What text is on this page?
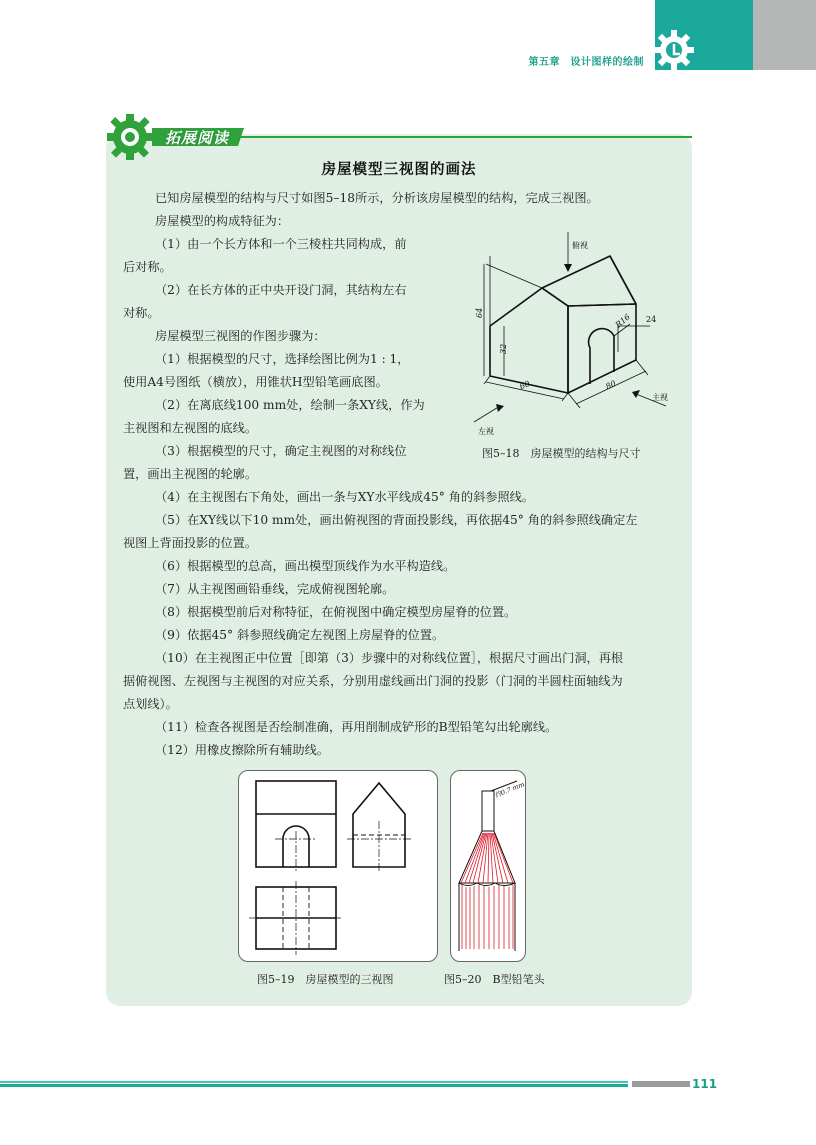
第五章　设计图样的绘制
拓展阅读
房屋模型三视图的画法
已知房屋模型的结构与尺寸如图5–18所示，分析该房屋模型的结构，完成三视图。
房屋模型的构成特征为：
（1）由一个长方体和一个三棱柱共同构成，前
后对称。
（2）在长方体的正中央开设门洞，其结构左右
对称。
房屋模型三视图的作图步骤为：
（1）根据模型的尺寸，选择绘图比例为1 : 1，
使用A4号图纸（横放），用锥状H型铅笔画底图。
（2）在离底线100 mm处，绘制一条XY线，作为
主视图和左视图的底线。
（3）根据模型的尺寸，确定主视图的对称线位
置，画出主视图的轮廓。
（4）在主视图右下角处，画出一条与XY水平线成45° 角的斜参照线。
（5）在XY线以下10 mm处，画出俯视图的背面投影线，再依据45° 角的斜参照线确定左
视图上背面投影的位置。
（6）根据模型的总高，画出模型顶线作为水平构造线。
（7）从主视图画铅垂线，完成俯视图轮廓。
（8）根据模型前后对称特征，在俯视图中确定模型房屋脊的位置。
（9）依据45° 斜参照线确定左视图上房屋脊的位置。
（10）在主视图正中位置［即第（3）步骤中的对称线位置］，根据尺寸画出门洞，再根
据俯视图、左视图与主视图的对应关系，分别用虚线画出门洞的投影（门洞的半圆柱面轴线为
点划线）。
（11）检查各视图是否绘制准确，再用削制成铲形的B型铅笔勾出轮廓线。
（12）用橡皮擦除所有辅助线。
俯视
主视
左视
64
32
R16 24
60	80
图5–18　房屋模型的结构与尺寸
约0.7 mm
图5–19　房屋模型的三视图	图5–20　B型铅笔头
111
